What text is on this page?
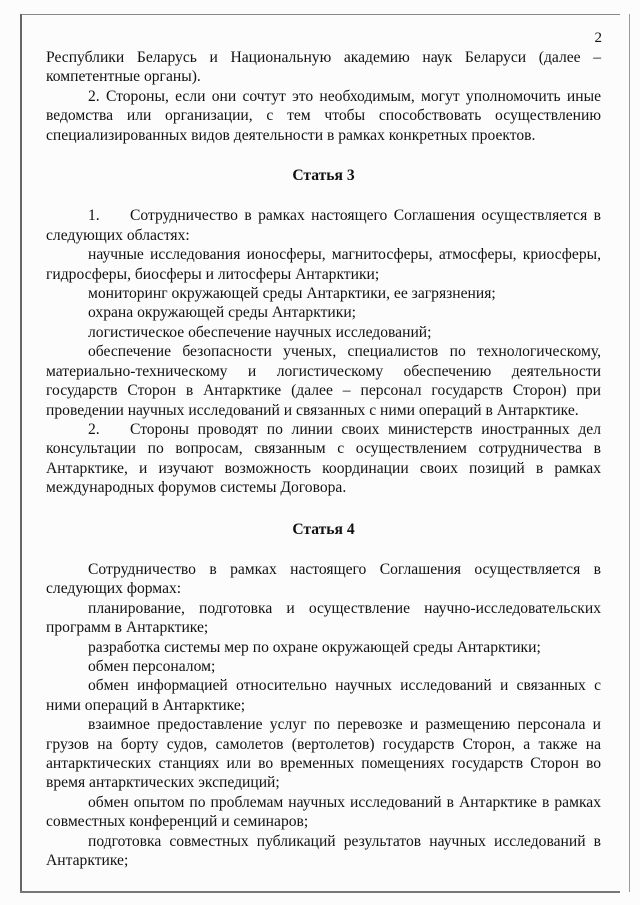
2

Республики Беларусь и Национальную академию наук Беларуси (далее – компетентные органы).

2. Стороны, если они сочтут это необходимым, могут уполномочить иные ведомства или организации, с тем чтобы способствовать осуществлению специализированных видов деятельности в рамках конкретных проектов.

Статья 3

1. Сотрудничество в рамках настоящего Соглашения осуществляется в следующих областях:

научные исследования ионосферы, магнитосферы, атмосферы, криосферы, гидросферы, биосферы и литосферы Антарктики;

мониторинг окружающей среды Антарктики, ее загрязнения;

охрана окружающей среды Антарктики;

логистическое обеспечение научных исследований;

обеспечение безопасности ученых, специалистов по технологическому, материально-техническому и логистическому обеспечению деятельности государств Сторон в Антарктике (далее – персонал государств Сторон) при проведении научных исследований и связанных с ними операций в Антарктике.

2. Стороны проводят по линии своих министерств иностранных дел консультации по вопросам, связанным с осуществлением сотрудничества в Антарктике, и изучают возможность координации своих позиций в рамках международных форумов системы Договора.

Статья 4

Сотрудничество в рамках настоящего Соглашения осуществляется в следующих формах:

планирование, подготовка и осуществление научно-исследовательских программ в Антарктике;

разработка системы мер по охране окружающей среды Антарктики;

обмен персоналом;

обмен информацией относительно научных исследований и связанных с ними операций в Антарктике;

взаимное предоставление услуг по перевозке и размещению персонала и грузов на борту судов, самолетов (вертолетов) государств Сторон, а также на антарктических станциях или во временных помещениях государств Сторон во время антарктических экспедиций;

обмен опытом по проблемам научных исследований в Антарктике в рамках совместных конференций и семинаров;

подготовка совместных публикаций результатов научных исследований в Антарктике;
